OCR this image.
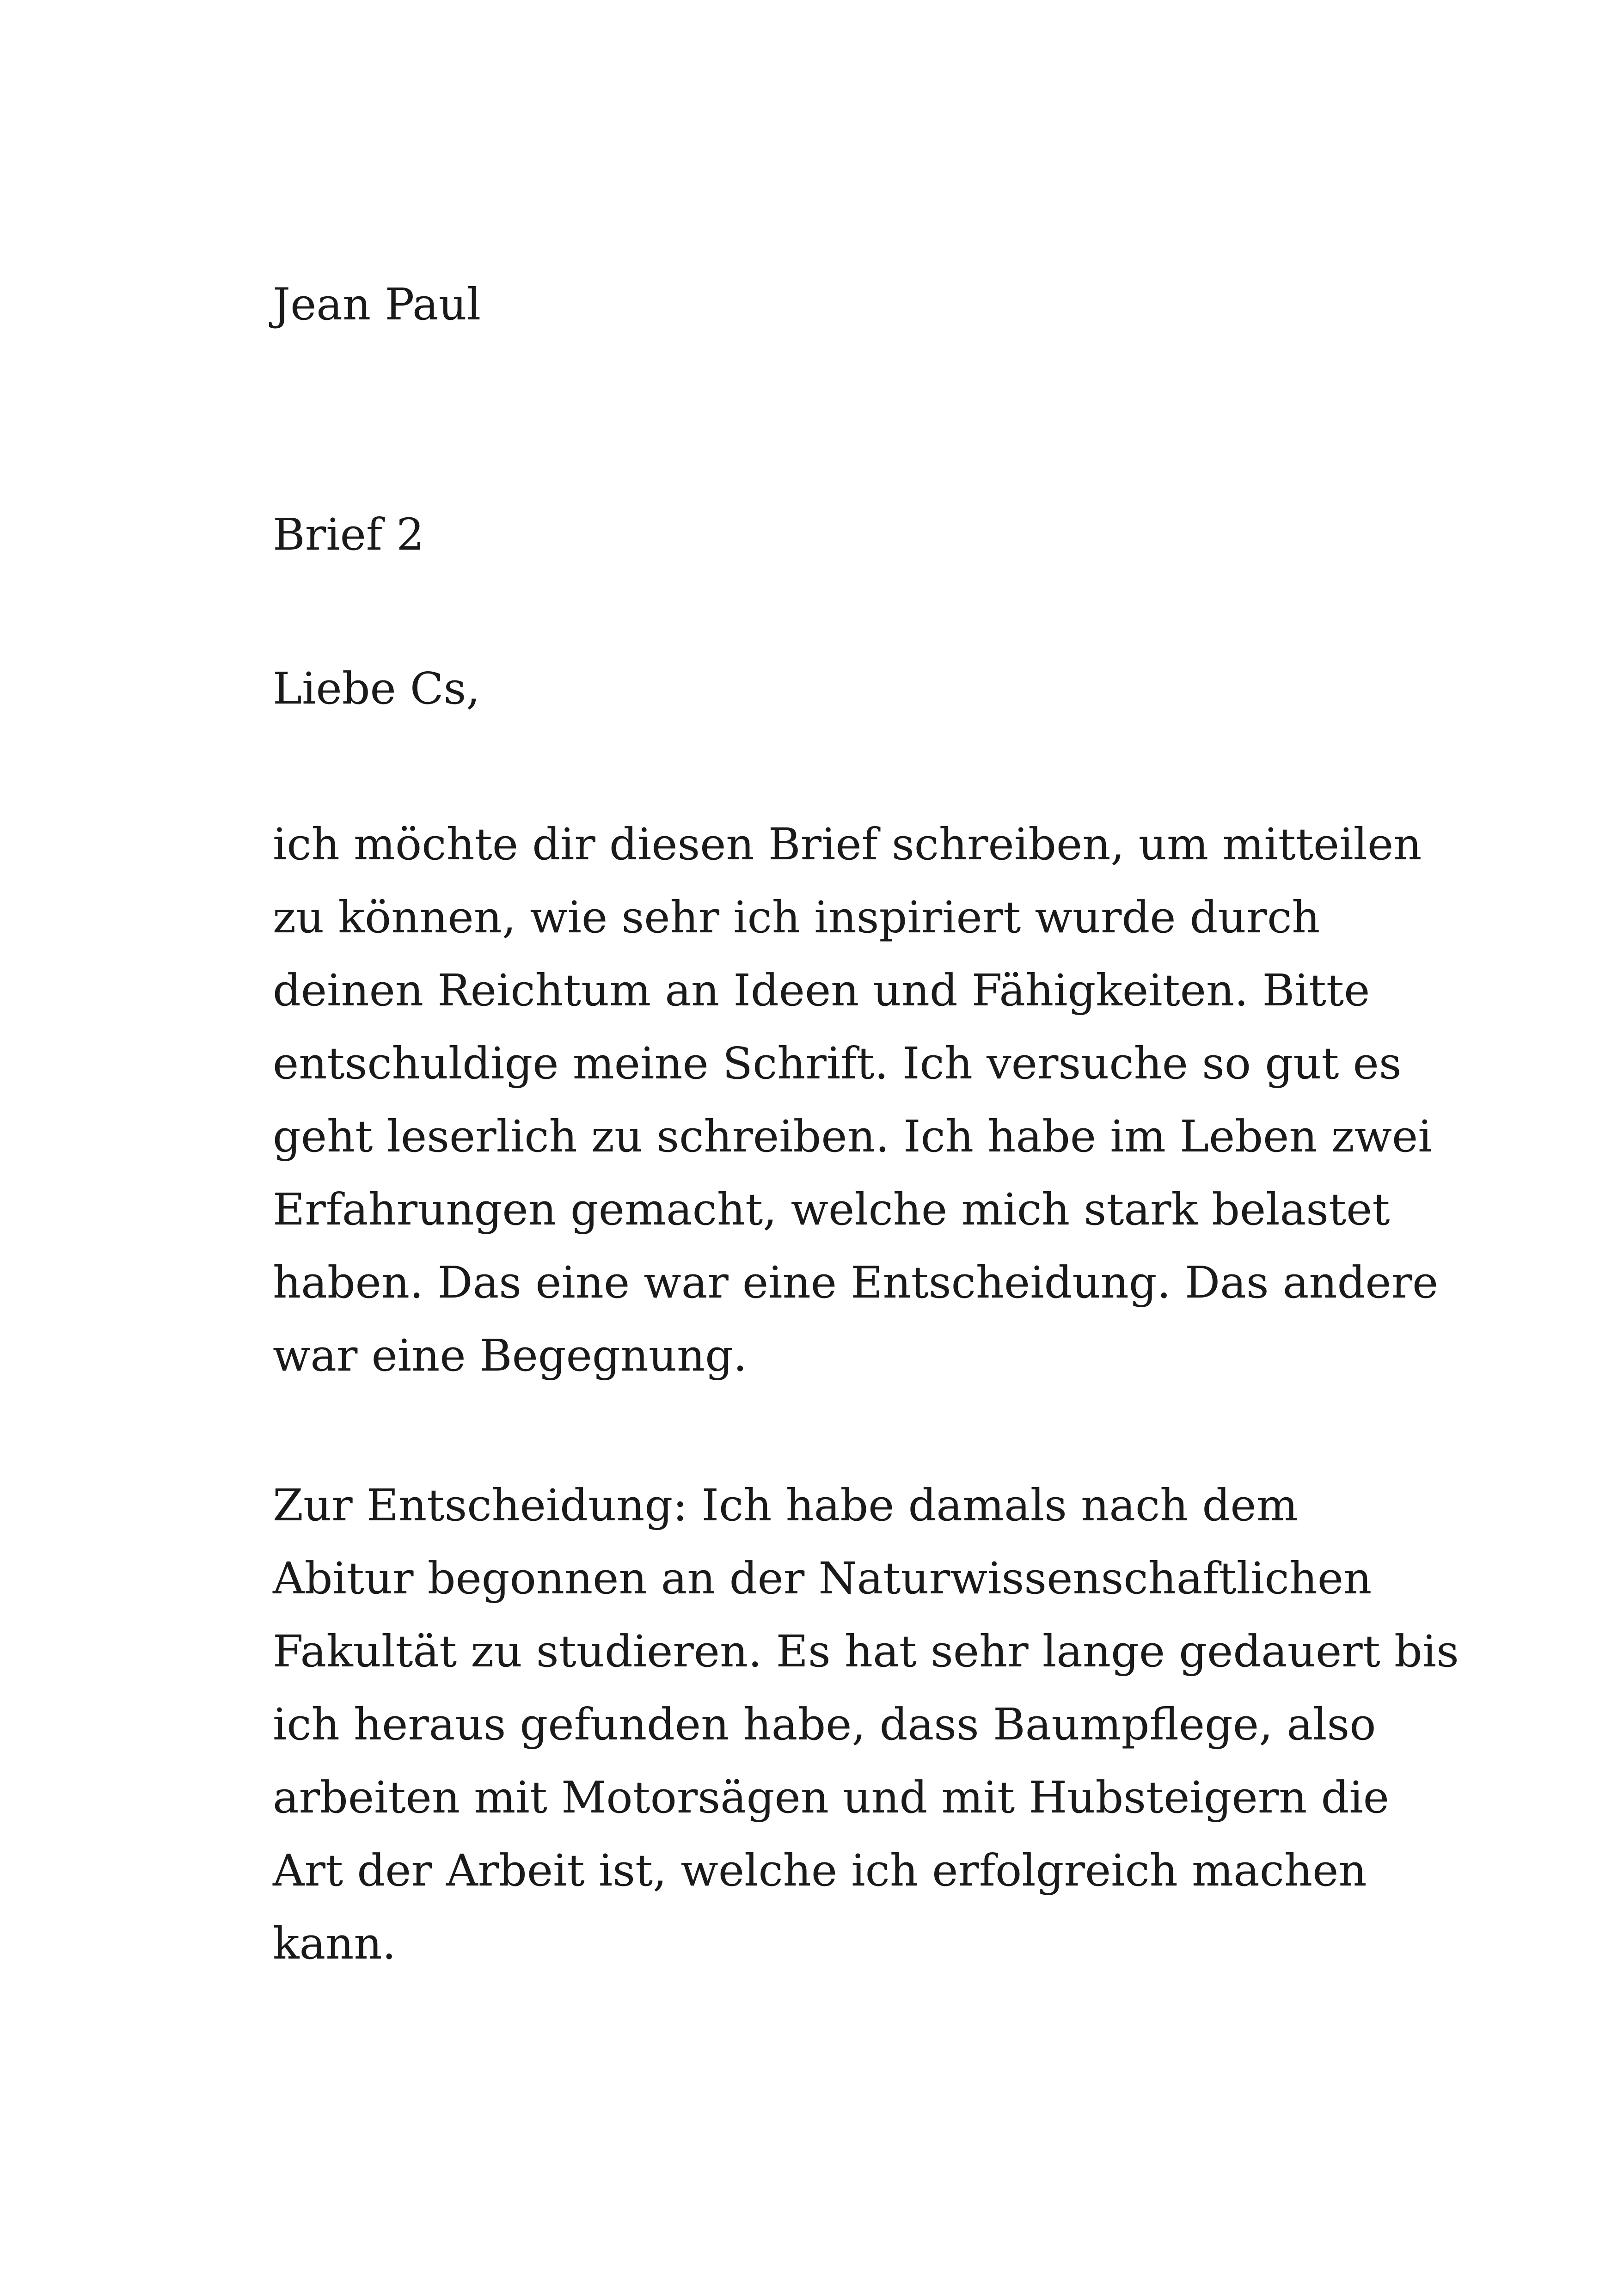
Jean Paul
Brief 2
Liebe Cs,

ich möchte dir diesen Brief schreiben, um mitteilen
zu können, wie sehr ich inspiriert wurde durch
deinen Reichtum an Ideen und Fähigkeiten. Bitte
entschuldige meine Schrift. Ich versuche so gut es
geht leserlich zu schreiben. Ich habe im Leben zwei
Erfahrungen gemacht, welche mich stark belastet
haben. Das eine war eine Entscheidung. Das andere
war eine Begegnung.

Zur Entscheidung: Ich habe damals nach dem
Abitur begonnen an der Naturwissenschaftlichen
Fakultät zu studieren. Es hat sehr lange gedauert bis
ich heraus gefunden habe, dass Baumpflege, also
arbeiten mit Motorsägen und mit Hubsteigern die
Art der Arbeit ist, welche ich erfolgreich machen
kann.
